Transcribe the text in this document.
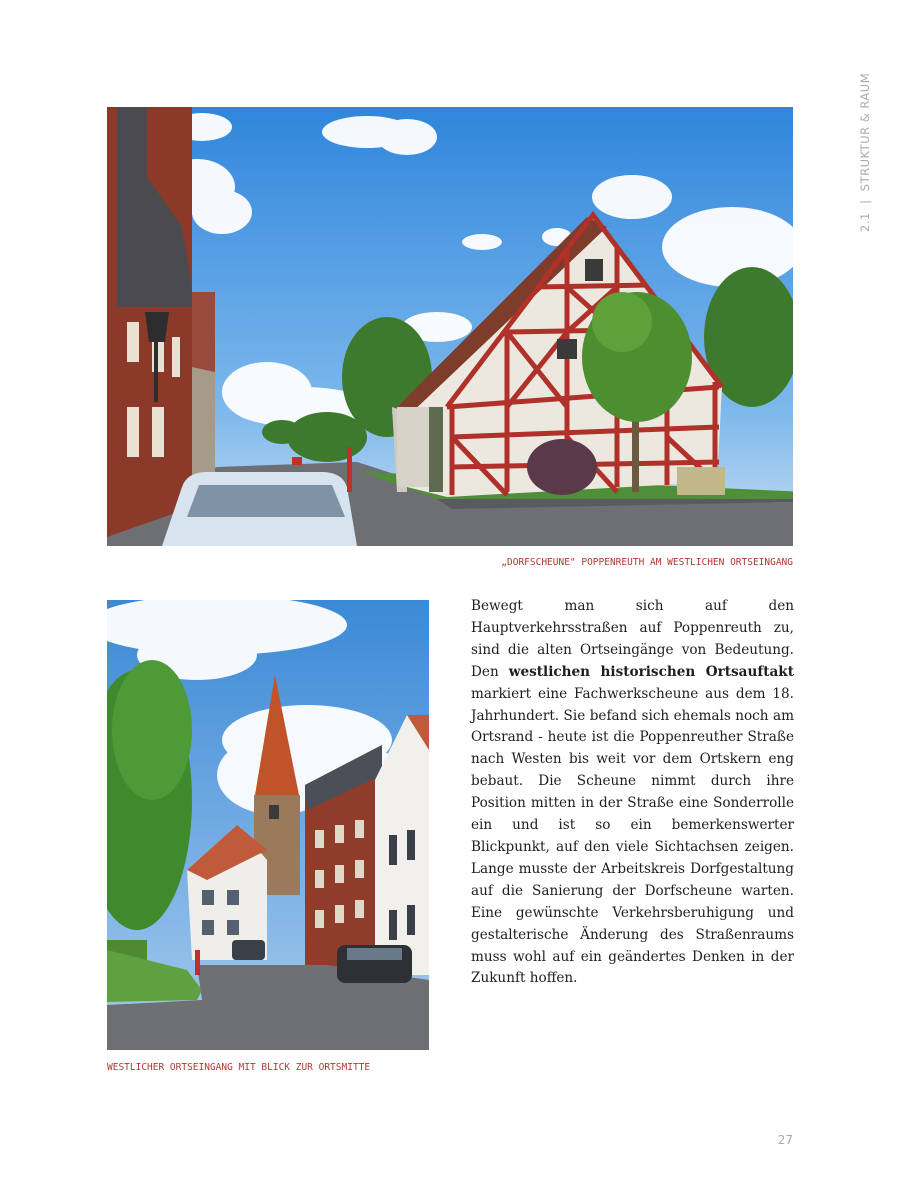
2.1  |  STRUKTUR & RAUM
„DORFSCHEUNE" POPPENREUTH AM WESTLICHEN ORTSEINGANG
WESTLICHER ORTSEINGANG MIT BLICK ZUR ORTSMITTE

Bewegt man sich auf den Hauptverkehrsstraßen auf Poppenreuth zu, sind die alten Ortseingänge von Bedeutung. Den westlichen historischen Ortsauftakt markiert eine Fachwerkscheune aus dem 18. Jahrhundert. Sie befand sich ehemals noch am Ortsrand - heute ist die Poppenreuther Straße nach Westen bis weit vor dem Ortskern eng bebaut. Die Scheune nimmt durch ihre Position mitten in der Straße eine Sonderrolle ein und ist so ein bemerkenswerter Blickpunkt, auf den viele Sichtachsen zeigen. Lange musste der Arbeitskreis Dorfgestaltung auf die Sanierung der Dorfscheune warten. Eine gewünschte Verkehrsberuhigung und gestalterische Änderung des Straßenraums muss wohl auf ein geändertes Denken in der Zukunft hoffen.

27
